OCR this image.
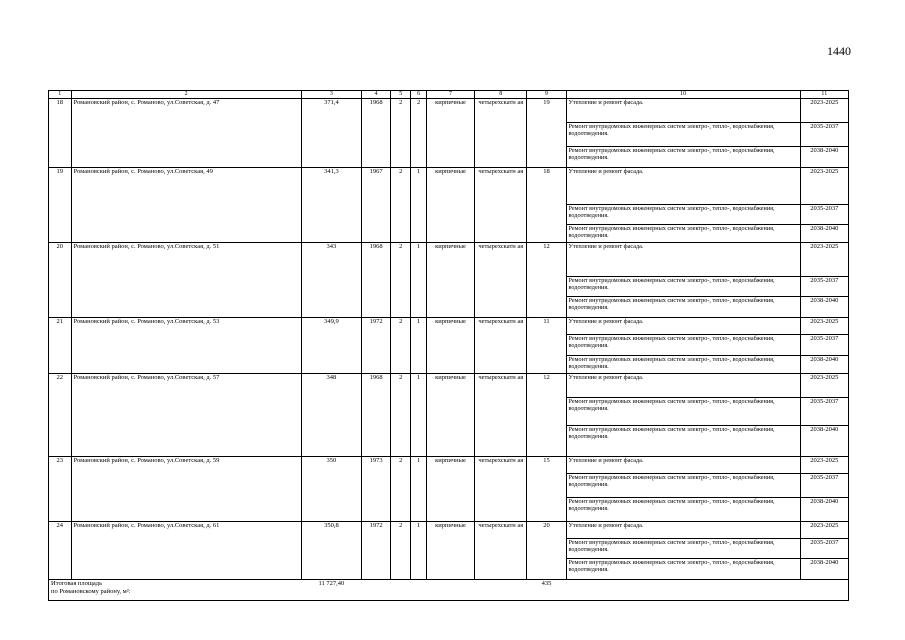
1440
1	2	3	4	5	6	7	8	9	10	11
18	Романовский район, с. Романово, ул.Советская, д. 47	371,4	1968	2	2	кирпичные	четырехскатн ая	19	Утепление и ремонт фасада.	2023-2025
									Ремонт внутридомовых инженерных систем электро-, тепло-, водоснабжения, водоотведения.	2035-2037
									Ремонт внутридомовых инженерных систем электро-, тепло-, водоснабжения, водоотведения.	2038-2040
19	Романовский район, с. Романово, ул.Советская, 49	341,3	1967	2	1	кирпичные	четырехскатн ая	18	Утепление и ремонт фасада.	2023-2025
									Ремонт внутридомовых инженерных систем электро-, тепло-, водоснабжения, водоотведения.	2035-2037
									Ремонт внутридомовых инженерных систем электро-, тепло-, водоснабжения, водоотведения.	2038-2040
20	Романовский район, с. Романово, ул.Советская, д. 51	343	1968	2	1	кирпичные	четырехскатн ая	12	Утепление и ремонт фасада.	2023-2025
									Ремонт внутридомовых инженерных систем электро-, тепло-, водоснабжения, водоотведения.	2035-2037
									Ремонт внутридомовых инженерных систем электро-, тепло-, водоснабжения, водоотведения.	2038-2040
21	Романовский район, с. Романово, ул.Советская, д. 53	349,9	1972	2	1	кирпичные	четырехскатн ая	11	Утепление и ремонт фасада.	2023-2025
									Ремонт внутридомовых инженерных систем электро-, тепло-, водоснабжения, водоотведения.	2035-2037
									Ремонт внутридомовых инженерных систем электро-, тепло-, водоснабжения, водоотведения.	2038-2040
22	Романовский район, с. Романово, ул.Советская, д. 57	348	1968	2	1	кирпичные	четырехскатн ая	12	Утепление и ремонт фасада.	2023-2025
									Ремонт внутридомовых инженерных систем электро-, тепло-, водоснабжения, водоотведения.	2035-2037
									Ремонт внутридомовых инженерных систем электро-, тепло-, водоснабжения, водоотведения.	2038-2040
23	Романовский район, с. Романово, ул.Советская, д. 59	350	1973	2	1	кирпичные	четырехскатн ая	15	Утепление и ремонт фасада.	2023-2025
									Ремонт внутридомовых инженерных систем электро-, тепло-, водоснабжения, водоотведения.	2035-2037
									Ремонт внутридомовых инженерных систем электро-, тепло-, водоснабжения, водоотведения.	2038-2040
24	Романовский район, с. Романово, ул.Советская, д. 61	350,8	1972	2	1	кирпичные	четырехскатн ая	20	Утепление и ремонт фасада.	2023-2025
									Ремонт внутридомовых инженерных систем электро-, тепло-, водоснабжения, водоотведения.	2035-2037
									Ремонт внутридомовых инженерных систем электро-, тепло-, водоснабжения, водоотведения.	2038-2040

Итоговая площадь
по Романовскому району, м²:		11 727,40						435		
